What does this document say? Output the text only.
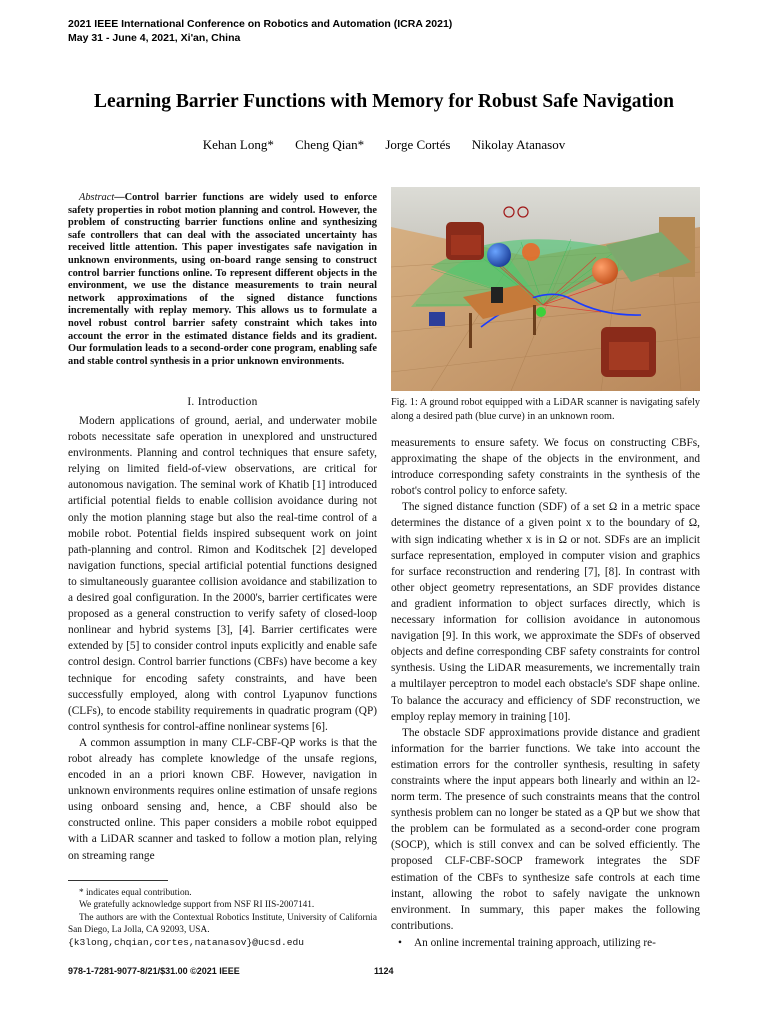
2021 IEEE International Conference on Robotics and Automation (ICRA 2021)
May 31 - June 4, 2021, Xi'an, China
Learning Barrier Functions with Memory for Robust Safe Navigation
Kehan Long* Cheng Qian* Jorge Cortés Nikolay Atanasov
Abstract—Control barrier functions are widely used to enforce safety properties in robot motion planning and control. However, the problem of constructing barrier functions online and synthesizing safe controllers that can deal with the associated uncertainty has received little attention. This paper investigates safe navigation in unknown environments, using on-board range sensing to construct control barrier functions online. To represent different objects in the environment, we use the distance measurements to train neural network approximations of the signed distance functions incrementally with replay memory. This allows us to formulate a novel robust control barrier safety constraint which takes into account the error in the estimated distance fields and its gradient. Our formulation leads to a second-order cone program, enabling safe and stable control synthesis in a prior unknown environments.
I. Introduction

Modern applications of ground, aerial, and underwater mobile robots necessitate safe operation in unexplored and unstructured environments. Planning and control techniques that ensure safety, relying on limited field-of-view observations, are critical for autonomous navigation. The seminal work of Khatib [1] introduced artificial potential fields to enable collision avoidance during not only the motion planning stage but also the real-time control of a mobile robot. Potential fields inspired subsequent work on joint path-planning and control. Rimon and Koditschek [2] developed navigation functions, special artificial potential functions designed to simultaneously guarantee collision avoidance and stabilization to a desired goal configuration. In the 2000's, barrier certificates were proposed as a general construction to verify safety of closed-loop nonlinear and hybrid systems [3], [4]. Barrier certificates were extended by [5] to consider control inputs explicitly and enable safe control design. Control barrier functions (CBFs) have become a key technique for encoding safety constraints, and have been successfully employed, along with control Lyapunov functions (CLFs), to encode stability requirements in quadratic program (QP) control synthesis for control-affine nonlinear systems [6].

A common assumption in many CLF-CBF-QP works is that the robot already has complete knowledge of the unsafe regions, encoded in an a priori known CBF. However, navigation in unknown environments requires online estimation of unsafe regions using onboard sensing and, hence, a CBF should also be constructed online. This paper considers a mobile robot equipped with a LiDAR scanner and tasked to follow a motion plan, relying on streaming range

* indicates equal contribution.
We gratefully acknowledge support from NSF RI IIS-2007141.
The authors are with the Contextual Robotics Institute, University of California San Diego, La Jolla, CA 92093, USA.
{k3long,chqian,cortes,natanasov}@ucsd.edu
Fig. 1: A ground robot equipped with a LiDAR scanner is navigating safely along a desired path (blue curve) in an unknown room.

measurements to ensure safety. We focus on constructing CBFs, approximating the shape of the objects in the environment, and introduce corresponding safety constraints in the synthesis of the robot's control policy to enforce safety.

The signed distance function (SDF) of a set Ω in a metric space determines the distance of a given point x to the boundary of Ω, with sign indicating whether x is in Ω or not. SDFs are an implicit surface representation, employed in computer vision and graphics for surface reconstruction and rendering [7], [8]. In contrast with other object geometry representations, an SDF provides distance and gradient information to object surfaces directly, which is necessary information for collision avoidance in autonomous navigation [9]. In this work, we approximate the SDFs of observed objects and define corresponding CBF safety constraints for control synthesis. Using the LiDAR measurements, we incrementally train a multilayer perceptron to model each obstacle's SDF shape online. To balance the accuracy and efficiency of SDF reconstruction, we employ replay memory in training [10].

The obstacle SDF approximations provide distance and gradient information for the barrier functions. We take into account the estimation errors for the controller synthesis, resulting in safety constraints where the input appears both linearly and within an l2-norm term. The presence of such constraints means that the control synthesis problem can no longer be stated as a QP but we show that the problem can be formulated as a second-order cone program (SOCP), which is still convex and can be solved efficiently. The proposed CLF-CBF-SOCP framework integrates the SDF estimation of the CBFs to synthesize safe controls at each time instant, allowing the robot to safely navigate the unknown environment. In summary, this paper makes the following contributions.

• An online incremental training approach, utilizing re-
978-1-7281-9077-8/21/$31.00 ©2021 IEEE	1124
